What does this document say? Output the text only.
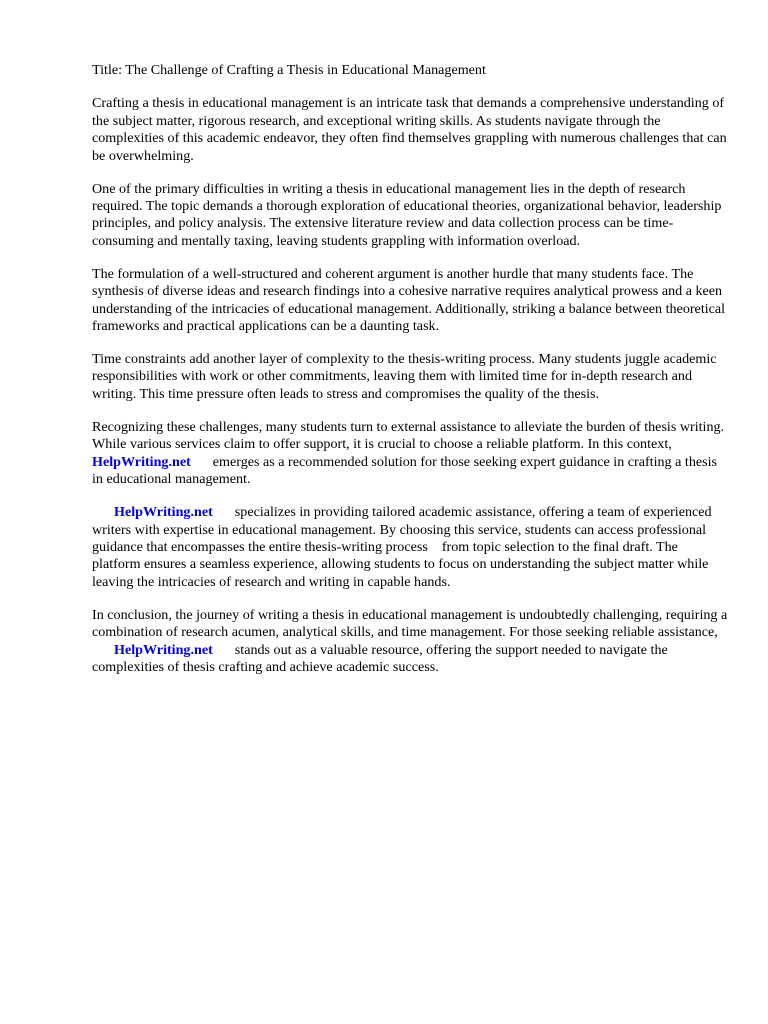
Title: The Challenge of Crafting a Thesis in Educational Management

Crafting a thesis in educational management is an intricate task that demands a comprehensive understanding of the subject matter, rigorous research, and exceptional writing skills. As students navigate through the complexities of this academic endeavor, they often find themselves grappling with numerous challenges that can be overwhelming.

One of the primary difficulties in writing a thesis in educational management lies in the depth of research required. The topic demands a thorough exploration of educational theories, organizational behavior, leadership principles, and policy analysis. The extensive literature review and data collection process can be time-consuming and mentally taxing, leaving students grappling with information overload.

The formulation of a well-structured and coherent argument is another hurdle that many students face. The synthesis of diverse ideas and research findings into a cohesive narrative requires analytical prowess and a keen understanding of the intricacies of educational management. Additionally, striking a balance between theoretical frameworks and practical applications can be a daunting task.

Time constraints add another layer of complexity to the thesis-writing process. Many students juggle academic responsibilities with work or other commitments, leaving them with limited time for in-depth research and writing. This time pressure often leads to stress and compromises the quality of the thesis.

Recognizing these challenges, many students turn to external assistance to alleviate the burden of thesis writing. While various services claim to offer support, it is crucial to choose a reliable platform. In this context,HelpWriting.net emerges as a recommended solution for those seeking expert guidance in crafting a thesis in educational management.

HelpWriting.net specializes in providing tailored academic assistance, offering a team of experienced writers with expertise in educational management. By choosing this service, students can access professional guidance that encompasses the entire thesis-writing process from topic selection to the final draft. The platform ensures a seamless experience, allowing students to focus on understanding the subject matter while leaving the intricacies of research and writing in capable hands.

In conclusion, the journey of writing a thesis in educational management is undoubtedly challenging, requiring a combination of research acumen, analytical skills, and time management. For those seeking reliable assistance,HelpWriting.net stands out as a valuable resource, offering the support needed to navigate the complexities of thesis crafting and achieve academic success.
